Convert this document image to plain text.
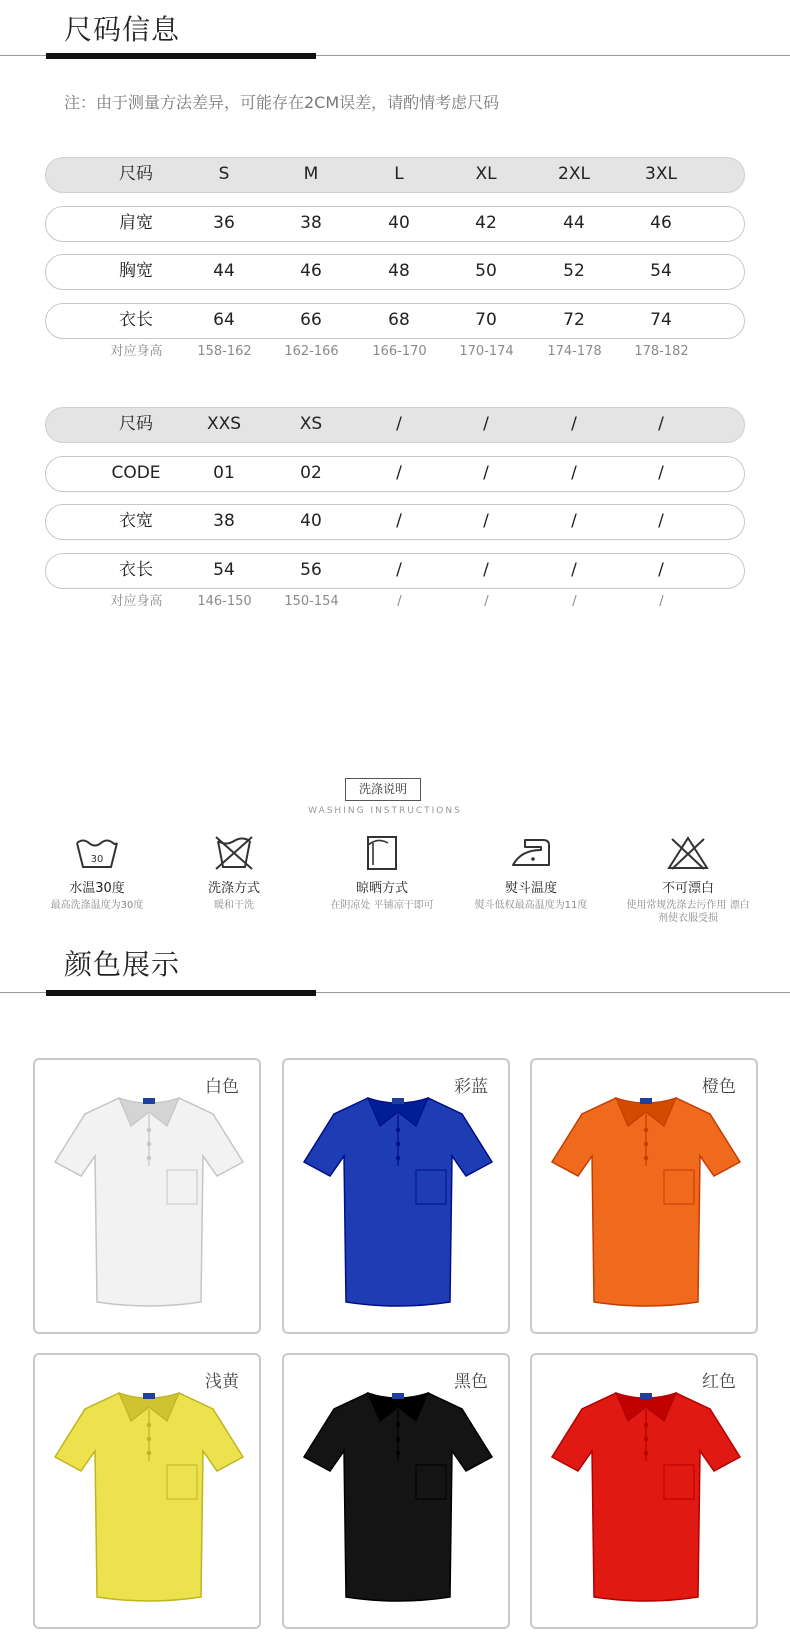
尺码信息
注：由于测量方法差异，可能存在2CM误差，请酌情考虑尺码
尺码	S	M	L	XL	2XL	3XL
肩宽	36	38	40	42	44	46
胸宽	44	46	48	50	52	54
衣长	64	66	68	70	72	74
对应身高	158-162	162-166	166-170	170-174	174-178	178-182
尺码	XXS	XS	/	/	/	/
CODE	01	02	/	/	/	/
衣宽	38	40	/	/	/	/
衣长	54	56	/	/	/	/
对应身高	146-150	150-154	/	/	/	/
洗涤说明
WASHING INSTRUCTIONS
30
水温30度
最高洗涤温度为30度
洗涤方式
暖和干洗
晾晒方式
在阴凉处 平铺凉干即可
熨斗温度
熨斗低权最高温度为11度
不可漂白
使用常规洗涤去污作用 漂白剂使衣服受损
颜色展示
白色	彩蓝	橙色
浅黄	黑色	红色
